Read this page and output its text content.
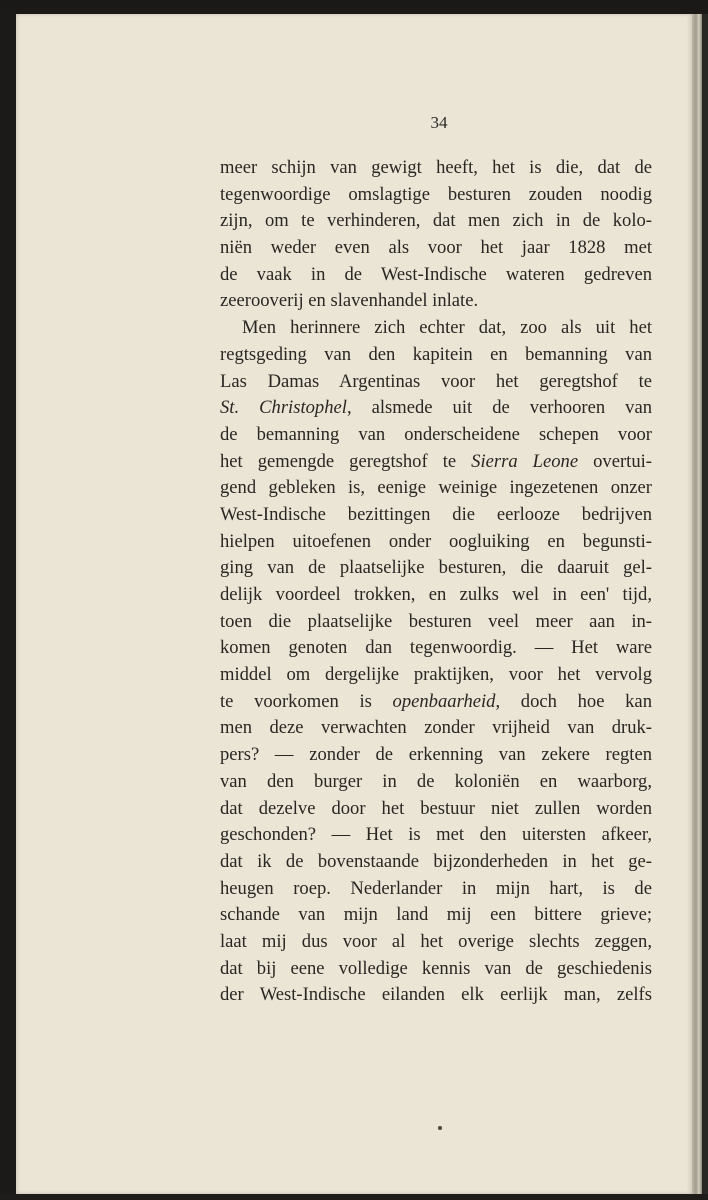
34
meer schijn van gewigt heeft, het is die, dat de
tegenwoordige omslagtige besturen zouden noodig
zijn, om te verhinderen, dat men zich in de kolo-
niën weder even als voor het jaar 1828 met
de vaak in de West-Indische wateren gedreven
zeerooverij en slavenhandel inlate.
Men herinnere zich echter dat, zoo als uit het
regtsgeding van den kapitein en bemanning van
Las Damas Argentinas voor het geregtshof te
St. Christophel, alsmede uit de verhooren van
de bemanning van onderscheidene schepen voor
het gemengde geregtshof te Sierra Leone overtui-
gend gebleken is, eenige weinige ingezetenen onzer
West-Indische bezittingen die eerlooze bedrijven
hielpen uitoefenen onder oogluiking en begunsti-
ging van de plaatselijke besturen, die daaruit gel-
delijk voordeel trokken, en zulks wel in een' tijd,
toen die plaatselijke besturen veel meer aan in-
komen genoten dan tegenwoordig. — Het ware
middel om dergelijke praktijken, voor het vervolg
te voorkomen is openbaarheid, doch hoe kan
men deze verwachten zonder vrijheid van druk-
pers? — zonder de erkenning van zekere regten
van den burger in de koloniën en waarborg,
dat dezelve door het bestuur niet zullen worden
geschonden? — Het is met den uitersten afkeer,
dat ik de bovenstaande bijzonderheden in het ge-
heugen roep. Nederlander in mijn hart, is de
schande van mijn land mij een bittere grieve;
laat mij dus voor al het overige slechts zeggen,
dat bij eene volledige kennis van de geschiedenis
der West-Indische eilanden elk eerlijk man, zelfs
